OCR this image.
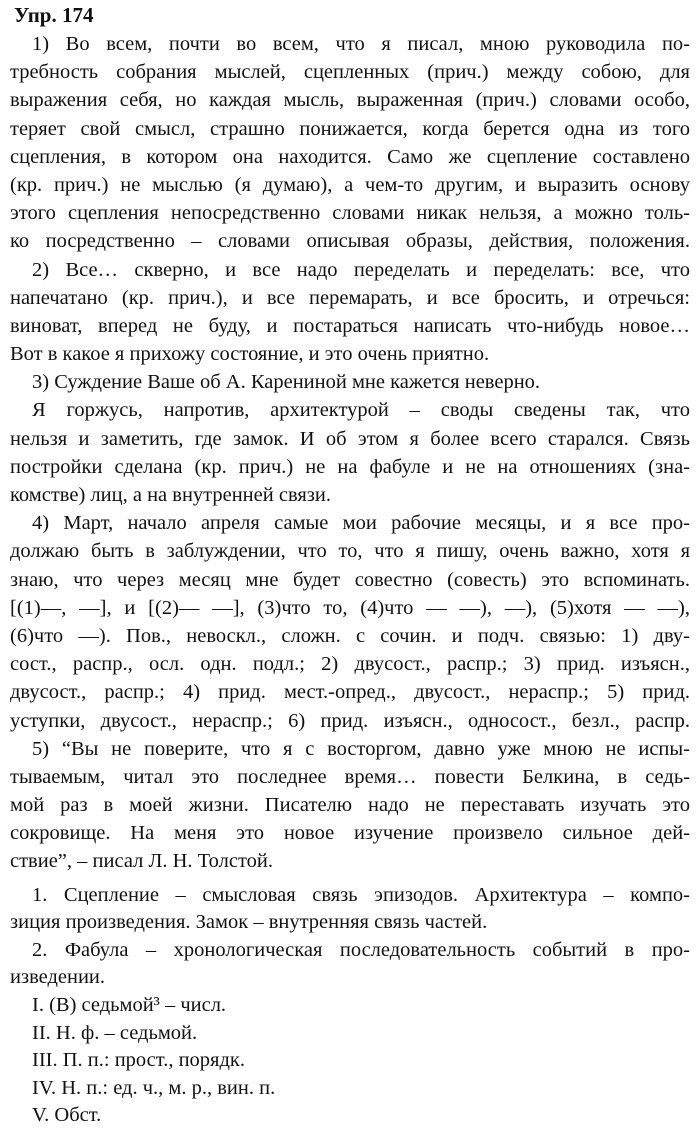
Упр. 174
1) Во всем, почти во всем, что я писал, мною руководила по-
требность собрания мыслей, сцепленных (прич.) между собою, для
выражения себя, но каждая мысль, выраженная (прич.) словами особо,
теряет свой смысл, страшно понижается, когда берется одна из того
сцепления, в котором она находится. Само же сцепление составлено
(кр. прич.) не мыслью (я думаю), а чем-то другим, и выразить основу
этого сцепления непосредственно словами никак нельзя, а можно толь-
ко посредственно – словами описывая образы, действия, положения.
2) Все… скверно, и все надо переделать и переделать: все, что
напечатано (кр. прич.), и все перемарать, и все бросить, и отречься:
виноват, вперед не буду, и постараться написать что-нибудь новое…
Вот в какое я прихожу состояние, и это очень приятно.
3) Суждение Ваше об А. Карениной мне кажется неверно.
Я горжусь, напротив, архитектурой – своды сведены так, что
нельзя и заметить, где замок. И об этом я более всего старался. Связь
постройки сделана (кр. прич.) не на фабуле и не на отношениях (зна-
комстве) лиц, а на внутренней связи.
4) Март, начало апреля самые мои рабочие месяцы, и я все про-
должаю быть в заблуждении, что то, что я пишу, очень важно, хотя я
знаю, что через месяц мне будет совестно (совесть) это вспоминать.
[(1)—, —], и [(2)— —], (3)что то, (4)что — —), —), (5)хотя — —),
(6)что —). Пов., невоскл., сложн. с сочин. и подч. связью: 1) дву-
сост., распр., осл. одн. подл.; 2) двусост., распр.; 3) прид. изъясн.,
двусост., распр.; 4) прид. мест.-опред., двусост., нераспр.; 5) прид.
уступки, двусост., нераспр.; 6) прид. изъясн., односост., безл., распр.
5) “Вы не поверите, что я с восторгом, давно уже мною не испы-
тываемым, читал это последнее время… повести Белкина, в седь-
мой раз в моей жизни. Писателю надо не переставать изучать это
сокровище. На меня это новое изучение произвело сильное дей-
ствие”, – писал Л. Н. Толстой.
1. Сцепление – смысловая связь эпизодов. Архитектура – компо-
зиция произведения. Замок – внутренняя связь частей.
2. Фабула – хронологическая последовательность событий в про-
изведении.
I. (В) седьмой³ – числ.
II. Н. ф. – седьмой.
III. П. п.: прост., порядк.
IV. Н. п.: ед. ч., м. р., вин. п.
V. Обст.
